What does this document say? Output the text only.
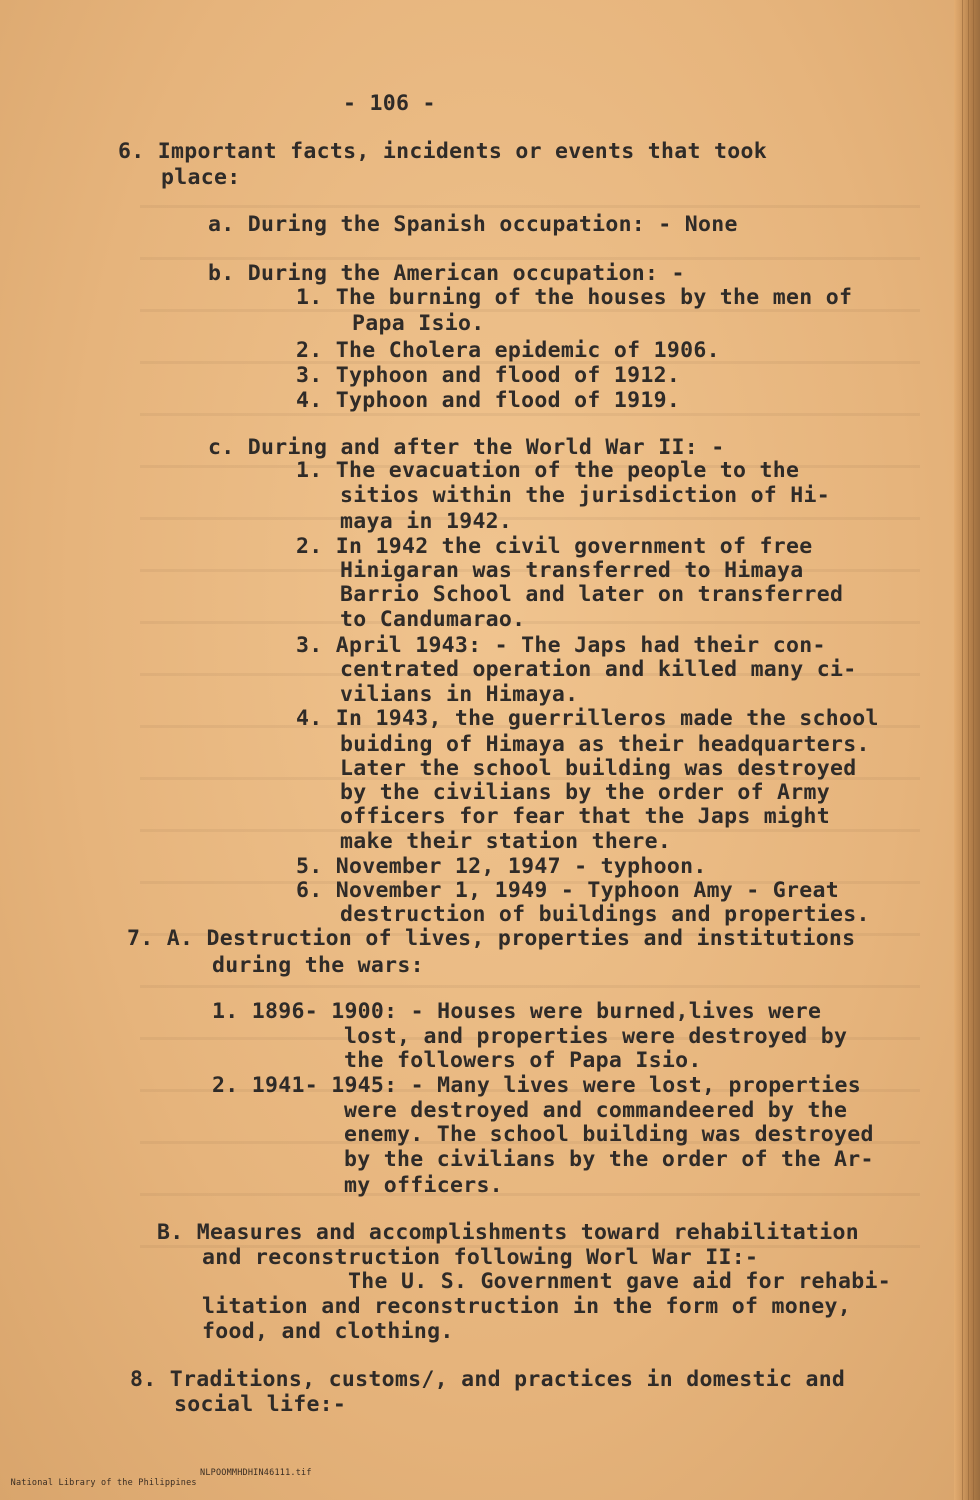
- 106 -
6. Important facts, incidents or events that took
place:
a. During the Spanish occupation: - None
b. During the American occupation: -
1. The burning of the houses by the men of
Papa Isio.
2. The Cholera epidemic of 1906.
3. Typhoon and flood of 1912.
4. Typhoon and flood of 1919.
c. During and after the World War II: -
1. The evacuation of the people to the
sitios within the jurisdiction of Hi-
maya in 1942.
2. In 1942 the civil government of free
Hinigaran was transferred to Himaya
Barrio School and later on transferred
to Candumarao.
3. April 1943: - The Japs had their con-
centrated operation and killed many ci-
vilians in Himaya.
4. In 1943, the guerrilleros made the school
buiding of Himaya as their headquarters.
Later the school building was destroyed
by the civilians by the order of Army
officers for fear that the Japs might
make their station there.
5. November 12, 1947 - typhoon.
6. November 1, 1949 - Typhoon Amy - Great
destruction of buildings and properties.
7. A. Destruction of lives, properties and institutions
during the wars:
1. 1896- 1900: - Houses were burned,lives were
lost, and properties were destroyed by
the followers of Papa Isio.
2. 1941- 1945: - Many lives were lost, properties
were destroyed and commandeered by the
enemy. The school building was destroyed
by the civilians by the order of the Ar-
my officers.
B. Measures and accomplishments toward rehabilitation
and reconstruction following Worl War II:-
The U. S. Government gave aid for rehabi-
litation and reconstruction in the form of money,
food, and clothing.
8. Traditions, customs/, and practices in domestic and
social life:-

National Library of the Philippines

NLPOOMMHDHIN46111.tif
